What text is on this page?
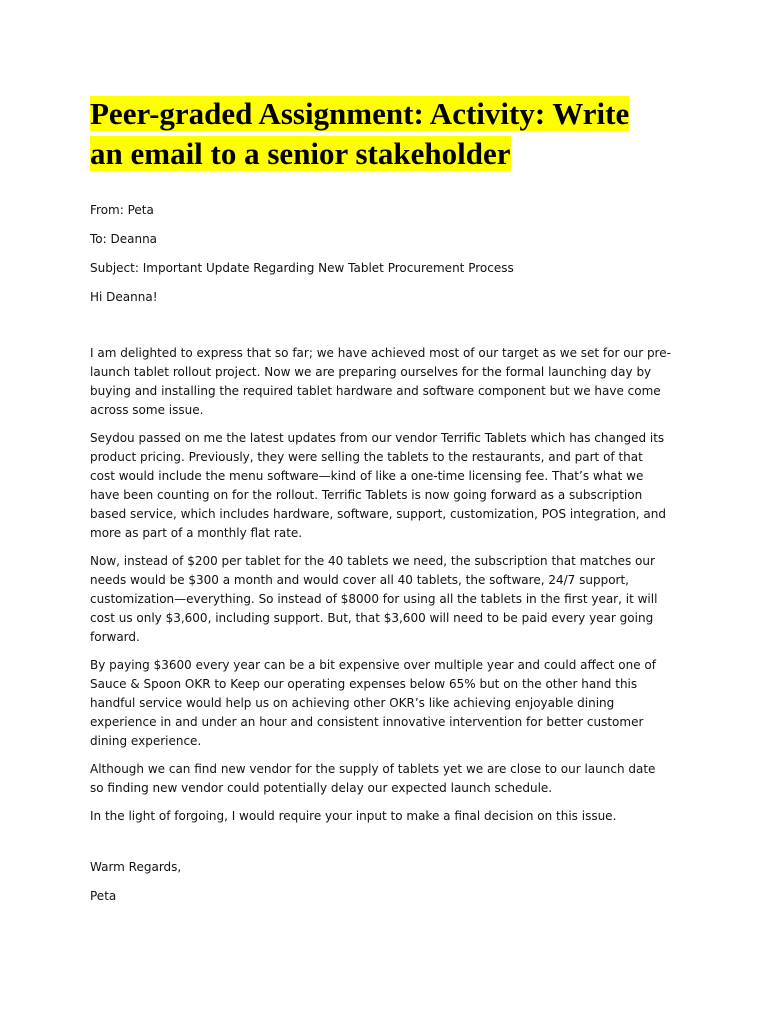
Peer-graded Assignment: Activity: Write
an email to a senior stakeholder

From: Peta

To: Deanna

Subject: Important Update Regarding New Tablet Procurement Process

Hi Deanna!

I am delighted to express that so far; we have achieved most of our target as we set for our pre-

launch tablet rollout project. Now we are preparing ourselves for the formal launching day by

buying and installing the required tablet hardware and software component but we have come

across some issue.

Seydou passed on me the latest updates from our vendor Terrific Tablets which has changed its

product pricing. Previously, they were selling the tablets to the restaurants, and part of that

cost would include the menu software—kind of like a one-time licensing fee. That’s what we

have been counting on for the rollout. Terrific Tablets is now going forward as a subscription

based service, which includes hardware, software, support, customization, POS integration, and

more as part of a monthly flat rate.

Now, instead of $200 per tablet for the 40 tablets we need, the subscription that matches our

needs would be $300 a month and would cover all 40 tablets, the software, 24/7 support,

customization—everything. So instead of $8000 for using all the tablets in the first year, it will

cost us only $3,600, including support. But, that $3,600 will need to be paid every year going

forward.

By paying $3600 every year can be a bit expensive over multiple year and could affect one of

Sauce & Spoon OKR to Keep our operating expenses below 65% but on the other hand this

handful service would help us on achieving other OKR’s like achieving enjoyable dining

experience in and under an hour and consistent innovative intervention for better customer

dining experience.

Although we can find new vendor for the supply of tablets yet we are close to our launch date

so finding new vendor could potentially delay our expected launch schedule.

In the light of forgoing, I would require your input to make a final decision on this issue.

Warm Regards,

Peta
